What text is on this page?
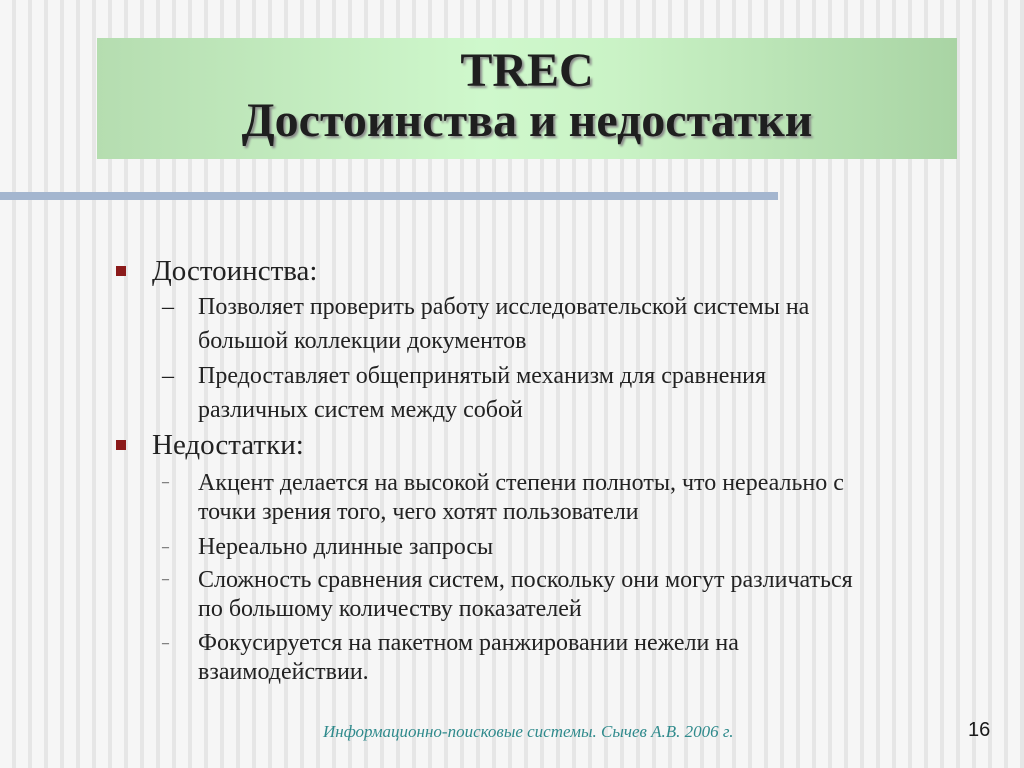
TREC
Достоинства и недостатки
Достоинства:
– Позволяет проверить работу исследовательской системы на
большой коллекции документов
– Предоставляет общепринятый механизм для сравнения
различных систем между собой
Недостатки:
– Акцент делается на высокой степени полноты, что нереально с
точки зрения того, чего хотят пользователи
– Нереально длинные запросы
– Сложность сравнения систем, поскольку они могут различаться
по большому количеству показателей
– Фокусируется на пакетном ранжировании нежели на
взаимодействии.
Информационно-поисковые системы. Сычев А.В. 2006 г.	16
